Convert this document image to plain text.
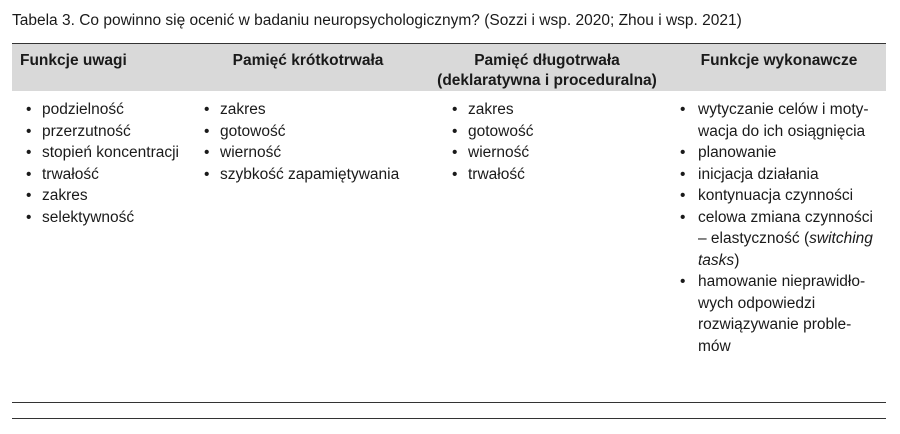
Tabela 3. Co powinno się ocenić w badaniu neuropsychologicznym? (Sozzi i wsp. 2020; Zhou i wsp. 2021)
Funkcje uwagi	Pamięć krótkotrwała	Pamięć długotrwała
(deklaratywna i proceduralna)
Funkcje wykonawcze
• podzielność
• przerzutność
• stopień koncentracji
• trwałość
• zakres
• selektywność
• zakres
• gotowość
• wierność
• szybkość zapamiętywania
• zakres
• gotowość
• wierność
• trwałość
• wytyczanie celów i moty-
wacja do ich osiągnięcia
• planowanie
• inicjacja działania
• kontynuacja czynności
• celowa zmiana czynności
– elastyczność (switching
tasks)
• hamowanie nieprawidło-
wych odpowiedzi
rozwiązywanie proble-
mów
